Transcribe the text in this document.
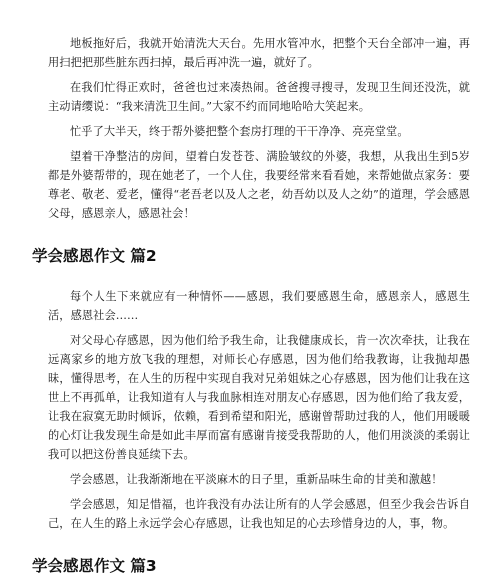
地板拖好后，我就开始清洗大天台。先用水管冲水，把整个天台全部冲一遍，再用扫把把那些脏东西扫掉，最后再冲洗一遍，就好了。

在我们忙得正欢时，爸爸也过来凑热闹。爸爸搜寻搜寻，发现卫生间还没洗，就主动请缨说：“我来清洗卫生间。”大家不约而同地哈哈大笑起来。

忙乎了大半天，终于帮外婆把整个套房打理的干干净净、亮亮堂堂。

望着干净整洁的房间，望着白发苍苍、满脸皱纹的外婆，我想，从我出生到5岁都是外婆帮带的，现在她老了，一个人住，我要经常来看看她，来帮她做点家务：要尊老、敬老、爱老，懂得“老吾老以及人之老，幼吾幼以及人之幼”的道理，学会感恩父母，感恩亲人，感恩社会！

学会感恩作文 篇2

每个人生下来就应有一种情怀——感恩，我们要感恩生命，感恩亲人，感恩生活，感恩社会……

对父母心存感恩，因为他们给予我生命，让我健康成长，肯一次次牵扶，让我在远离家乡的地方放飞我的理想，对师长心存感恩，因为他们给我教诲，让我抛却愚昧，懂得思考，在人生的历程中实现自我对兄弟姐妹之心存感恩，因为他们让我在这世上不再孤单，让我知道有人与我血脉相连对朋友心存感恩，因为他们给了我友爱，让我在寂寞无助时倾诉，依赖，看到希望和阳光，感谢曾帮助过我的人，他们用暖暖的心灯让我发现生命是如此丰厚而富有感谢肯接受我帮助的人，他们用淡淡的柔弱让我可以把这份善良延续下去。

学会感恩，让我渐渐地在平淡麻木的日子里，重新品味生命的甘美和激越！

学会感恩，知足惜福，也许我没有办法让所有的人学会感恩，但至少我会告诉自己，在人生的路上永远学会心存感恩，让我也知足的心去珍惜身边的人，事，物。

学会感恩作文 篇3
